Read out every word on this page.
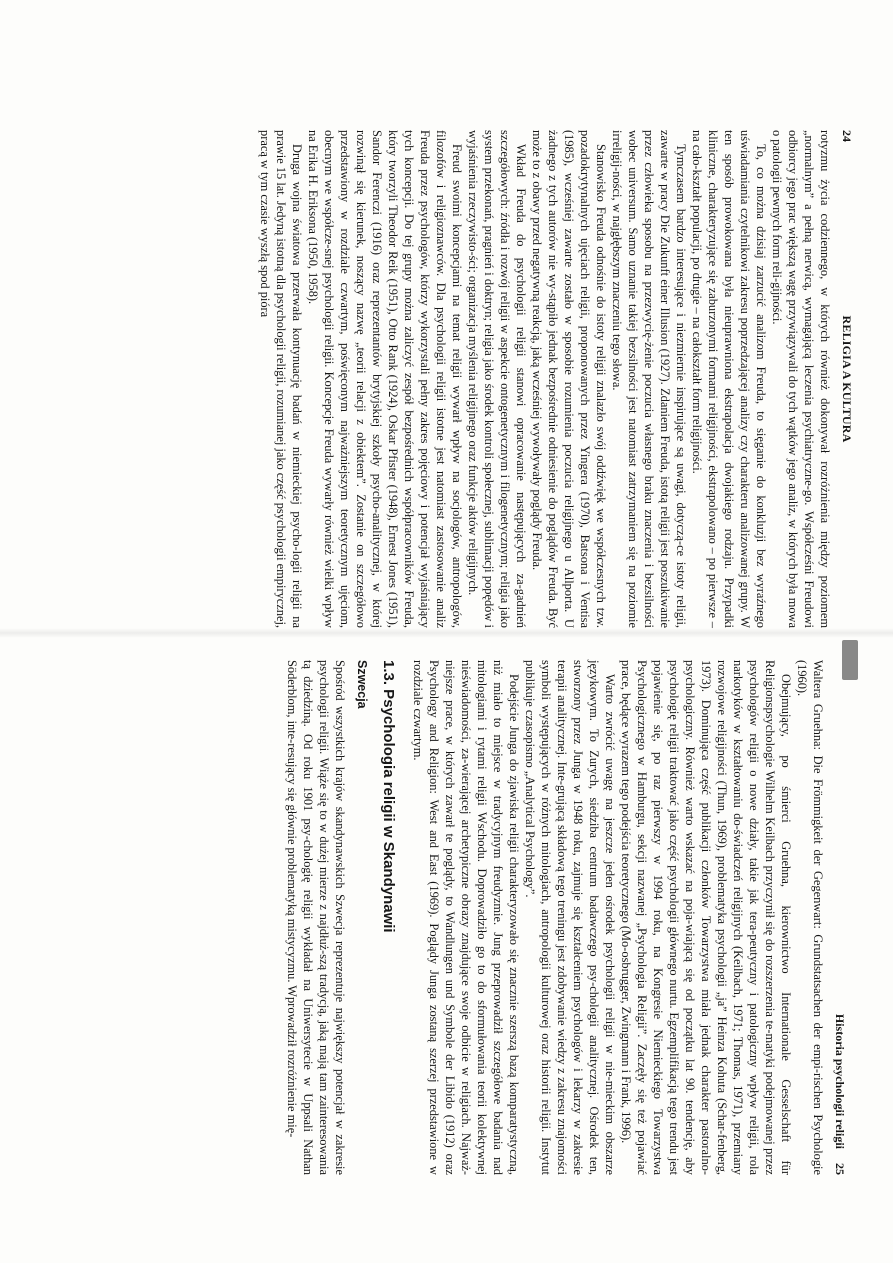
24
RELIGIA A KULTURA

rotyzmu życia codziennego, w których również dokonywał rozróżnienia między poziomem „normalnym” a pełną nerwicą, wymagającą leczenia psychiatryczne-go. Współcześni Freudowi odbiorcy jego prac większą wagę przywiązywali do tych wątków jego analiz, w których była mowa o patologii pewnych form reli-gijności.

To, co można dzisiaj zarzucić analizom Freuda, to sięganie do konkluzji bez wyraźnego uświadamiania czytelnikowi zakresu poprzedzającej analizy czy charakteru analizowanej grupy. W ten sposób prowokowana była nieuprawniona ekstrapolacja dwojakiego rodzaju. Przypadki kliniczne, charakteryzujące się zaburzonymi formami religijności, ekstrapolowano – po pierwsze – na cało-kształt populacji, po drugie – na całokształt form religijności.

Tymczasem bardzo interesujące i niezmiernie inspirujące są uwagi, dotyczą-ce istoty religii, zawarte w pracy Die Zukunft einer Illusion (1927). Zdaniem Freuda, istotą religii jest poszukiwanie przez człowieka sposobu na przezwycię-żenie poczucia własnego braku znaczenia i bezsilności wobec universum. Samo uznanie takiej bezsilności jest natomiast zatrzymaniem się na poziomie irreligij-ności, w najgłębszym znaczeniu tego słowa.

Stanowisko Freuda odnośnie do istoty religii znalazło swój oddźwięk we współczesnych tzw. pozadokrytynalnych ujęciach religii, proponowanych przez Yingera (1970), Batsona i Ventisa (1985), wcześniej zawarte zostało w sposobie rozumienia poczucia religijnego u Allporta. U żadnego z tych autorów nie wy-stąpiło jednak bezpośrednie odniesienie do poglądów Freuda. Być może to z obawy przed negatywną reakcją, jaką wcześniej wywoływały poglądy Freuda.

Wkład Freuda do psychologii religii stanowi opracowanie następujących za-gadnień szczegółowych: źródła i rozwój religii w aspekcie ontogenetycznym i filogenetycznym; religia jako system przekonań, pragnień i doktryn; religia jako środek kontroli społecznej, sublimacji popędów i wyjaśnienia rzeczywisto-ści; organizacja myślenia religijnego oraz funkcje aktów religijnych.

Freud swoimi koncepcjami na temat religii wywarł wpływ na socjologów, antropologów, filozofów i religioznawców. Dla psychologii religii istotne jest natomiast zastosowanie analiz Freuda przez psychologów, którzy wykorzystali pełny zakres pojęciowy i potencjał wyjaśniający tych koncepcji. Do tej grupy można zaliczyć zespół bezpośrednich współpracowników Freuda, który tworzyli Theodor Reik (1951), Otto Rank (1924), Oskar Pfister (1948), Ernest Jones (1951), Sandor Ferenczi (1916) oraz reprezentantów brytyjskiej szkoły psycho-analitycznej, w której rozwinął się kierunek, noszący nazwę „teorii relacji z obiektem”. Zostanie on szczegółowo przedstawiony w rozdziale czwartym, poświęconym najważniejszym teoretycznym ujęciom, obecnym we współcze-snej psychologii religii. Koncepcje Freuda wywarły również wielki wpływ na Erika H. Eriksona (1950, 1958).

Druga wojna światowa przerwała kontynuację badań w niemieckiej psycho-logii religii na prawie 15 lat. Jedyną istotną dla psychologii religii, rozumianej jako część psychologii empirycznej, pracą w tym czasie wyszłą spod pióra

Historia psychologii religii
25

Waltera Gruehna: Die Frömmigkeit der Gegenwart: Grundstatsachen der empi-rischen Psychologie (1960).

Obejmujący, po śmierci Gruehna, kierownictwo Internationale Gesselschaft für Religionspsychologie Wilhelm Keilbach przyczynił się do rozszerzenia te-matyki podejmowanej przez psychologów religii o nowe działy, takie jak tera-peutyczny i patologiczny wpływ religii, rola narkotyków w kształtowaniu do-świadczeń religijnych (Keilbach, 1971; Thomas, 1971), przemiany rozwojowe religijności (Thun, 1969), problematyka psychologii „ja” Heinza Kohuta (Schar-fenberg, 1973). Dominująca część publikacji członków Towarzystwa miała jednak charakter pastoralno-psychologiczny. Również warto wskazać na poja-wiającą się od początku lat 90. tendencję, aby psychologię religii traktować jako część psychologii głównego nurtu. Egzemplifikacją tego trendu jest pojawienie się, po raz pierwszy w 1994 roku, na Kongresie Niemieckiego Towarzystwa Psychologicznego w Hamburgu, sekcji nazwanej „Psychologia Religii”. Zaczęły się też pojawiać prace, będące wyrazem tego podejścia teoretycznego (Mo-osbrugger, Zwingmann i Frank, 1996).

Warto zwrócić uwagę na jeszcze jeden ośrodek psychologii religii w nie-mieckim obszarze językowym. To Zurych, siedziba centrum badawczego psy-chologii analitycznej. Ośrodek ten, stworzony przez Junga w 1948 roku, zajmuje się kształceniem psychologów i lekarzy w zakresie terapii analitycznej. Inte-grującą składową tego treningu jest zdobywanie wiedzy z zakresu znajomości symboli występujących w różnych mitologiach, antropologii kulturowej oraz historii religii. Instytut publikuje czasopismo „Analytical Psychology”.

Podejście Junga do zjawiska religii charakteryzowało się znacznie szerszą bazą komparatystyczną, niż miało to miejsce w tradycyjnym freudyzmie. Jung przeprowadził szczegółowe badania nad mitologiami i rytami religii Wschodu. Doprowadziło go to do sformułowania teorii kolektywnej nieświadomości, za-wierającej archetypiczne obrazy znajdujące swoje odbicie w religiach. Najważ-niejsze prace, w których zawarł te poglądy, to Wandlungen und Symbole der Libido (1912) oraz Psychology and Religion: West and East (1969). Poglądy Junga zostaną szerzej przedstawione w rozdziale czwartym.

1.3. Psychologia religii w Skandynawii
Szwecja

Spośród wszystkich krajów skandynawskich Szwecja reprezentuje największy potencjał w zakresie psychologii religii. Wiąże się to w dużej mierze z najdłuż-szą tradycją, jaką mają tam zainteresowania tą dziedziną. Od roku 1901 psy-chologię religii wykładał na Uniwersytecie w Uppsali Nathan Söderblom, inte-resujący się głównie problematyką mistycyzmu. Wprowadził rozróżnienie mię-
